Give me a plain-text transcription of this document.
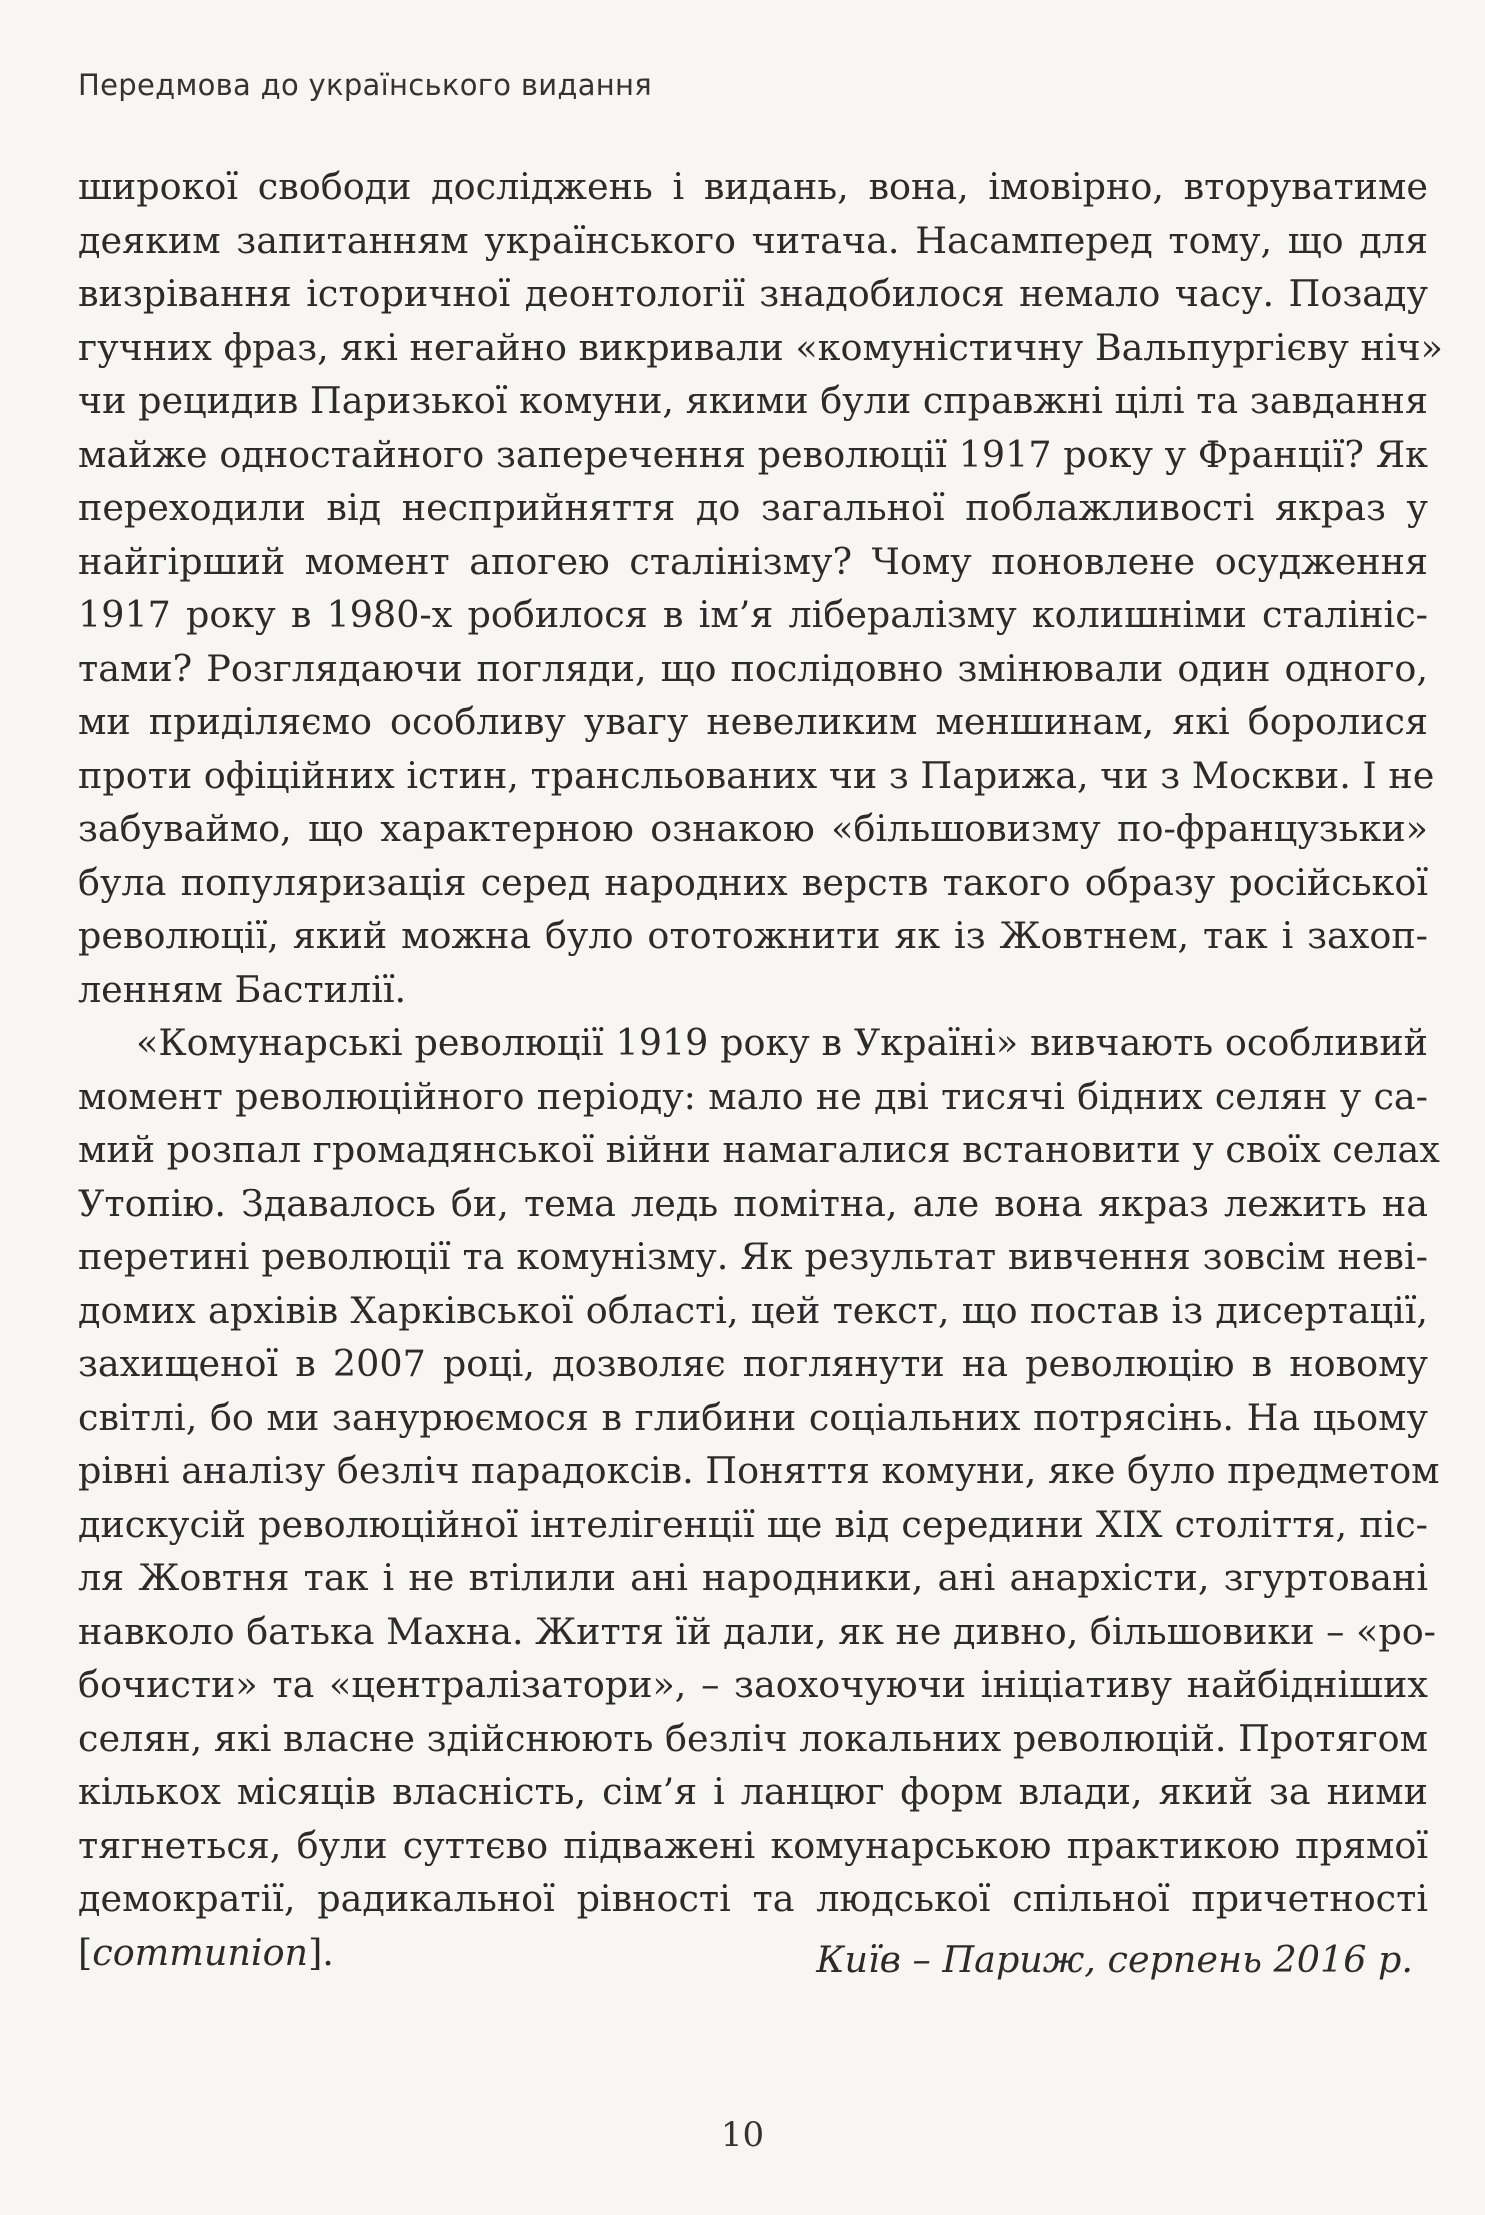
Передмова до українського видання
широкої свободи досліджень і видань, вона, імовірно, вторуватиме
деяким запитанням українського читача. Насамперед тому, що для
визрівання історичної деонтології знадобилося немало часу. Позаду
гучних фраз, які негайно викривали «комуністичну Вальпургієву ніч»
чи рецидив Паризької комуни, якими були справжні цілі та завдання
майже одностайного заперечення революції 1917 року у Франції? Як
переходили від несприйняття до загальної поблажливості якраз у
найгірший момент апогею сталінізму? Чому поновлене осудження
1917 року в 1980-х робилося в ім’я лібералізму колишніми сталініс-
тами? Розглядаючи погляди, що послідовно змінювали один одного,
ми приділяємо особливу увагу невеликим меншинам, які боролися
проти офіційних істин, трансльованих чи з Парижа, чи з Москви. І не
забуваймо, що характерною ознакою «більшовизму по-французьки»
була популяризація серед народних верств такого образу російської
революції, який можна було ототожнити як із Жовтнем, так і захоп-
ленням Бастилії.
«Комунарські революції 1919 року в Україні» вивчають особливий
момент революційного періоду: мало не дві тисячі бідних селян у са-
мий розпал громадянської війни намагалися встановити у своїх селах
Утопію. Здавалось би, тема ледь помітна, але вона якраз лежить на
перетині революції та комунізму. Як результат вивчення зовсім неві-
домих архівів Харківської області, цей текст, що постав із дисертації,
захищеної в 2007 році, дозволяє поглянути на революцію в новому
світлі, бо ми занурюємося в глибини соціальних потрясінь. На цьому
рівні аналізу безліч парадоксів. Поняття комуни, яке було предметом
дискусій революційної інтелігенції ще від середини XIX століття, піс-
ля Жовтня так і не втілили ані народники, ані анархісти, згуртовані
навколо батька Махна. Життя їй дали, як не дивно, більшовики – «ро-
бочисти» та «централізатори», – заохочуючи ініціативу найбідніших
селян, які власне здійснюють безліч локальних революцій. Протягом
кількох місяців власність, сім’я і ланцюг форм влади, який за ними
тягнеться, були суттєво підважені комунарською практикою прямої
демократії, радикальної рівності та людської спільної причетності
[communion].	Київ – Париж, серпень 2016 р.
10
